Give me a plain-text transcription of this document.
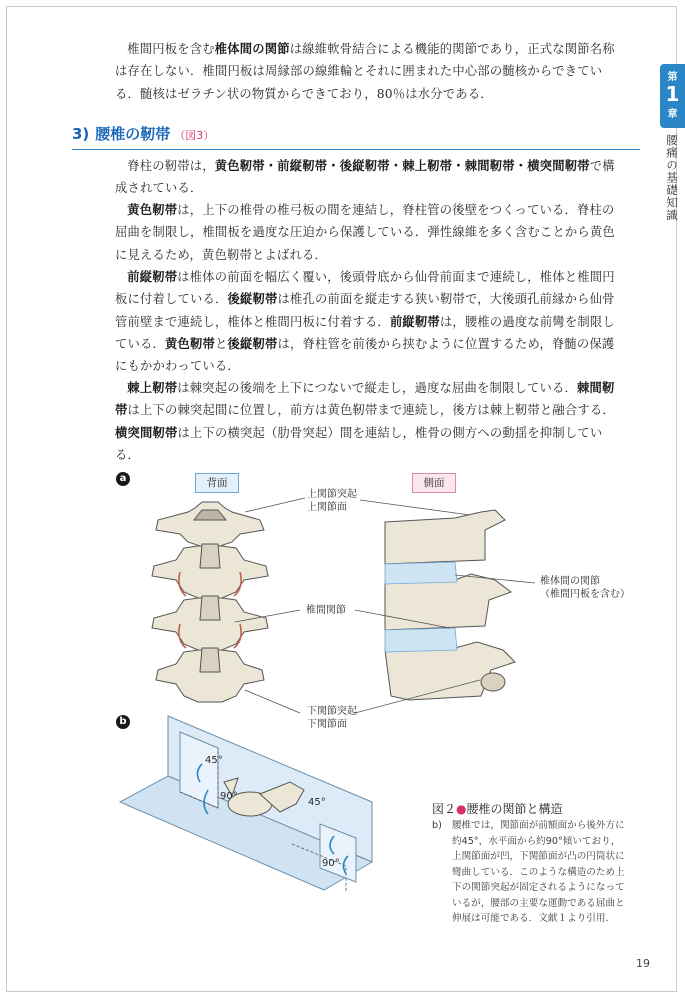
第
1
章
腰痛の基礎知識

椎間円板を含む椎体間の関節は線維軟骨結合による機能的関節であり，正式な関節名称は存在しない．椎間円板は周縁部の線維輪とそれに囲まれた中心部の髄核からできている．髄核はゼラチン状の物質からできており，80％は水分である．

3) 腰椎の靭帯 （図3）

脊柱の靭帯は，黄色靭帯・前縦靭帯・後縦靭帯・棘上靭帯・棘間靭帯・横突間靭帯で構成されている．

黄色靭帯は，上下の椎骨の椎弓板の間を連結し，脊柱管の後壁をつくっている．脊柱の屈曲を制限し，椎間板を過度な圧迫から保護している．弾性線維を多く含むことから黄色に見えるため，黄色靭帯とよばれる．

前縦靭帯は椎体の前面を幅広く覆い，後頭骨底から仙骨前面まで連続し，椎体と椎間円板に付着している．後縦靭帯は椎孔の前面を縦走する狭い靭帯で，大後頭孔前縁から仙骨管前壁まで連続し，椎体と椎間円板に付着する．前縦靭帯は，腰椎の過度な前彎を制限している．黄色靭帯と後縦靭帯は，脊柱管を前後から挟むように位置するため，脊髄の保護にもかかわっている．

棘上靭帯は棘突起の後端を上下につないで縦走し，過度な屈曲を制限している．棘間靭帯は上下の棘突起間に位置し，前方は黄色靭帯まで連続し，後方は棘上靭帯と融合する．横突間靭帯は上下の横突起（肋骨突起）間を連結し，椎骨の側方への動揺を抑制している．

a	背面	側面
上関節突起
上関節面
椎間関節
下関節突起
下関節面
椎体間の関節
（椎間円板を含む）
b
45°
90°
45°
90°
図２●腰椎の関節と構造
b) 腰椎では，関節面が前額面から後外方に約45°，水平面から約90°傾いており，上関節面が凹，下関節面が凸の円筒状に彎曲している．このような構造のため上下の関節突起が固定されるようになっているが，腰部の主要な運動である屈曲と伸展は可能である．文献１より引用．
19
